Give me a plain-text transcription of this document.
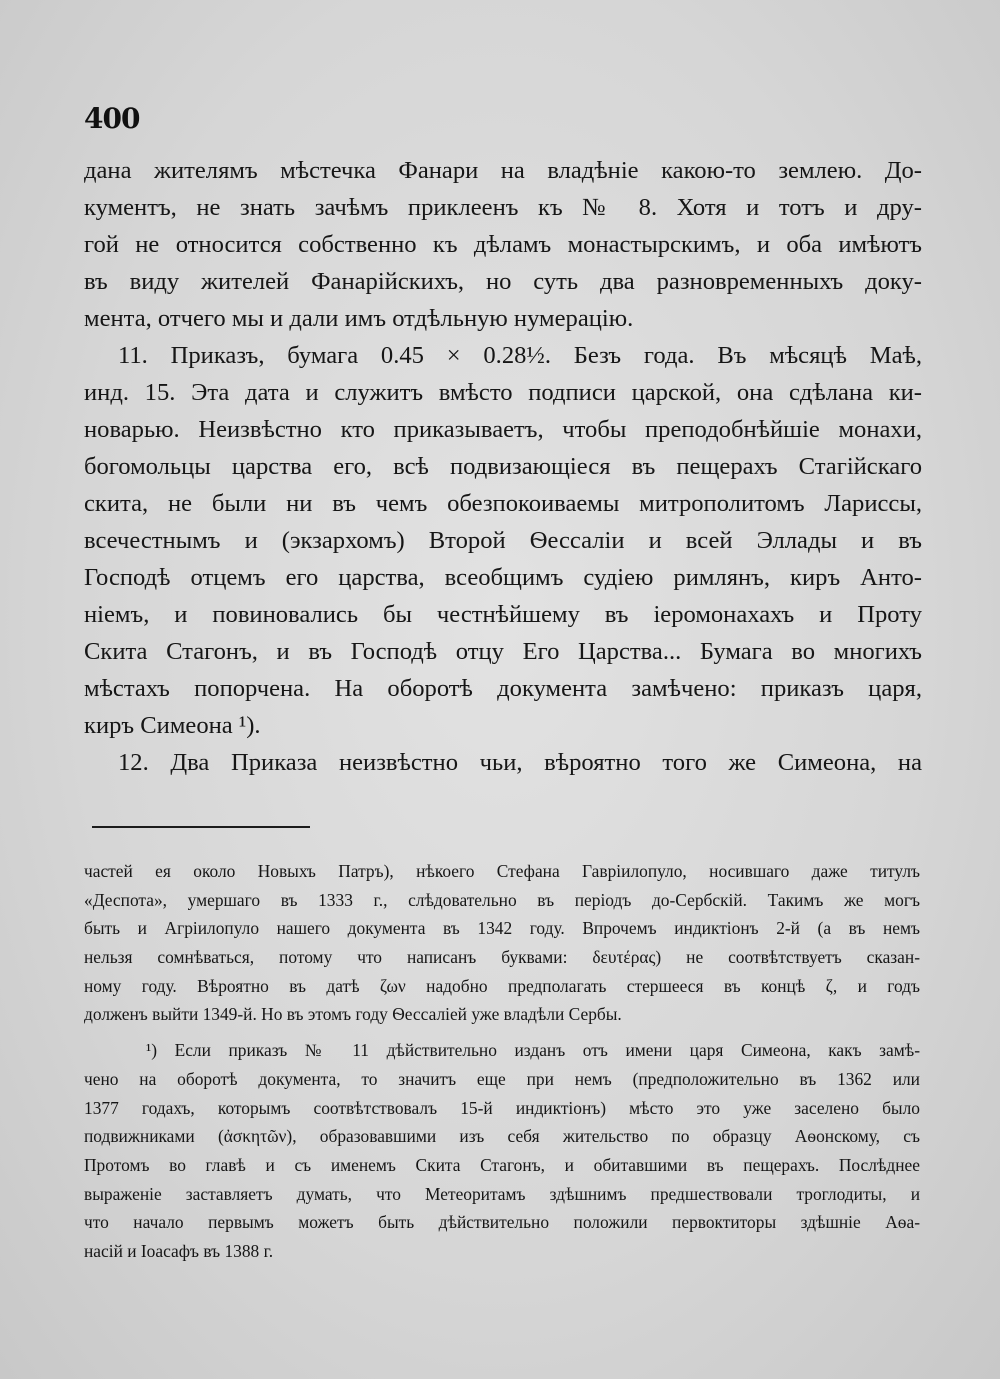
400
дана жителямъ мѣстечка Фанари на владѣніе какою-то землею. До-
кументъ, не знать зачѣмъ приклеенъ къ № 8. Хотя и тотъ и дру-
гой не относится собственно къ дѣламъ монастырскимъ, и оба имѣютъ
въ виду жителей Фанарійскихъ, но суть два разновременныхъ доку-
мента, отчего мы и дали имъ отдѣльную нумерацію.
11. Приказъ, бумага 0.45 × 0.28½. Безъ года. Въ мѣсяцѣ Маѣ,
инд. 15. Эта дата и служитъ вмѣсто подписи царской, она сдѣлана ки-
новарью. Неизвѣстно кто приказываетъ, чтобы преподобнѣйшіе монахи,
богомольцы царства его, всѣ подвизающіеся въ пещерахъ Стагійскаго
скита, не были ни въ чемъ обезпокоиваемы митрополитомъ Лариссы,
всечестнымъ и (экзархомъ) Второй Ѳессаліи и всей Эллады и въ
Господѣ отцемъ его царства, всеобщимъ судіею римлянъ, киръ Анто-
ніемъ, и повиновались бы честнѣйшему въ іеромонахахъ и Проту
Скита Стагонъ, и въ Господѣ отцу Его Царства... Бумага во многихъ
мѣстахъ попорчена. На оборотѣ документа замѣчено: приказъ царя,
киръ Симеона ¹).
12. Два Приказа неизвѣстно чьи, вѣроятно того же Симеона, на
частей ея около Новыхъ Патръ), нѣкоего Стефана Гавріилопуло, носившаго даже титулъ
«Деспота», умершаго въ 1333 г., слѣдовательно въ періодъ до-Сербскій. Такимъ же могъ
быть и Агріилопуло нашего документа въ 1342 году. Впрочемъ индиктіонъ 2-й (а въ немъ
нельзя сомнѣваться, потому что написанъ буквами: δευτέρας) не соотвѣтствуетъ сказан-
ному году. Вѣроятно въ датѣ ζων надобно предполагать стершееся въ концѣ ζ, и годъ
долженъ выйти 1349-й. Но въ этомъ году Ѳессаліей уже владѣли Сербы.
¹) Если приказъ № 11 дѣйствительно изданъ отъ имени царя Симеона, какъ замѣ-
чено на оборотѣ документа, то значитъ еще при немъ (предположительно въ 1362 или
1377 годахъ, которымъ соотвѣтствовалъ 15-й индиктіонъ) мѣсто это уже заселено было
подвижниками (ἀσκητῶν), образовавшими изъ себя жительство по образцу Аѳонскому, съ
Протомъ во главѣ и съ именемъ Скита Стагонъ, и обитавшими въ пещерахъ. Послѣднее
выраженіе заставляетъ думать, что Метеоритамъ здѣшнимъ предшествовали троглодиты, и
что начало первымъ можетъ быть дѣйствительно положили первоктиторы здѣшніе Аѳа-
насій и Іоасафъ въ 1388 г.
